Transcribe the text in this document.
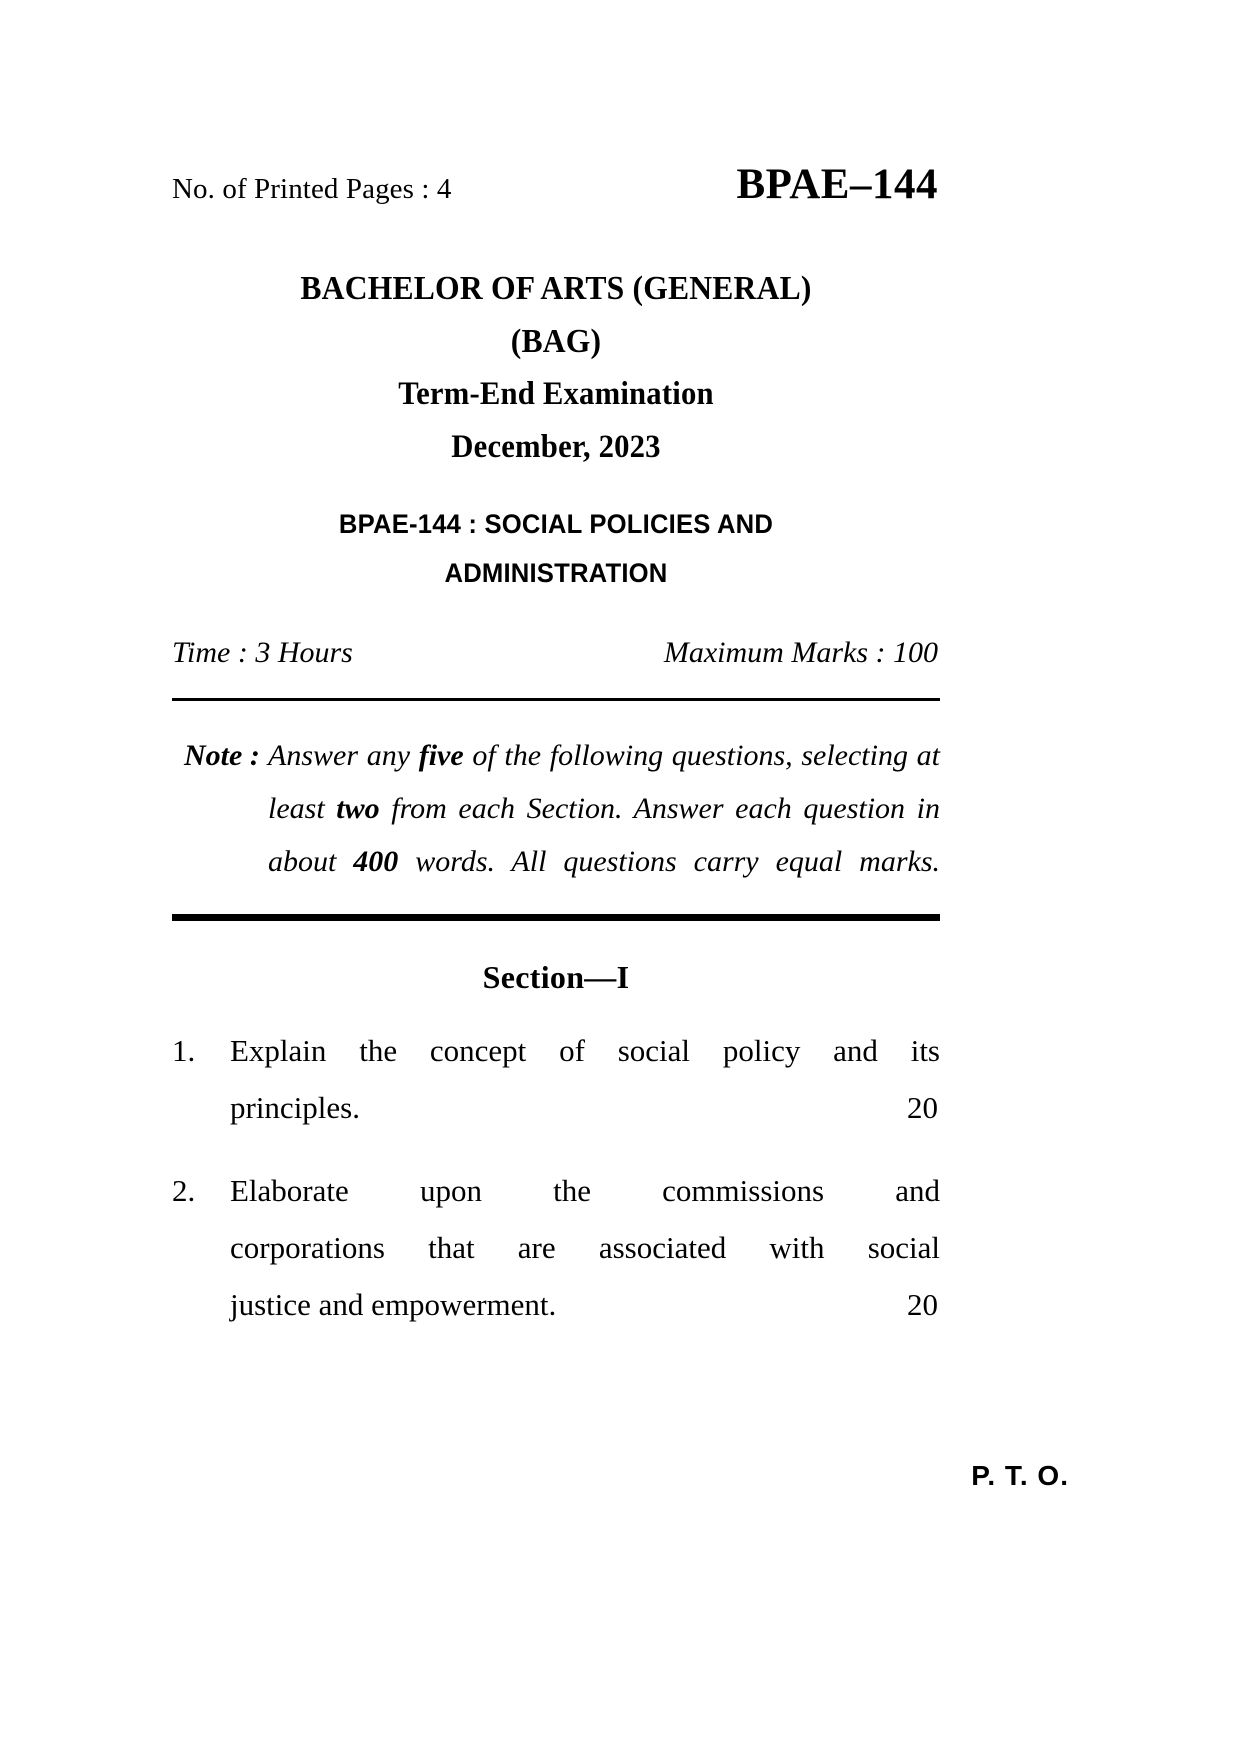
No. of Printed Pages : 4	BPAE–144
BACHELOR OF ARTS (GENERAL)
(BAG)
Term-End Examination
December, 2023
BPAE-144 : SOCIAL POLICIES AND
ADMINISTRATION
Time : 3 Hours	Maximum Marks : 100
Note : Answer any five of the following questions, selecting at least two from each Section. Answer each question in about 400 words. All questions carry equal marks.

Section—I
1.	Explain the concept of social policy and its

principles.	20
2.	Elaborate upon the commissions and

corporations that are associated with social

justice and empowerment.	20
P. T. O.
